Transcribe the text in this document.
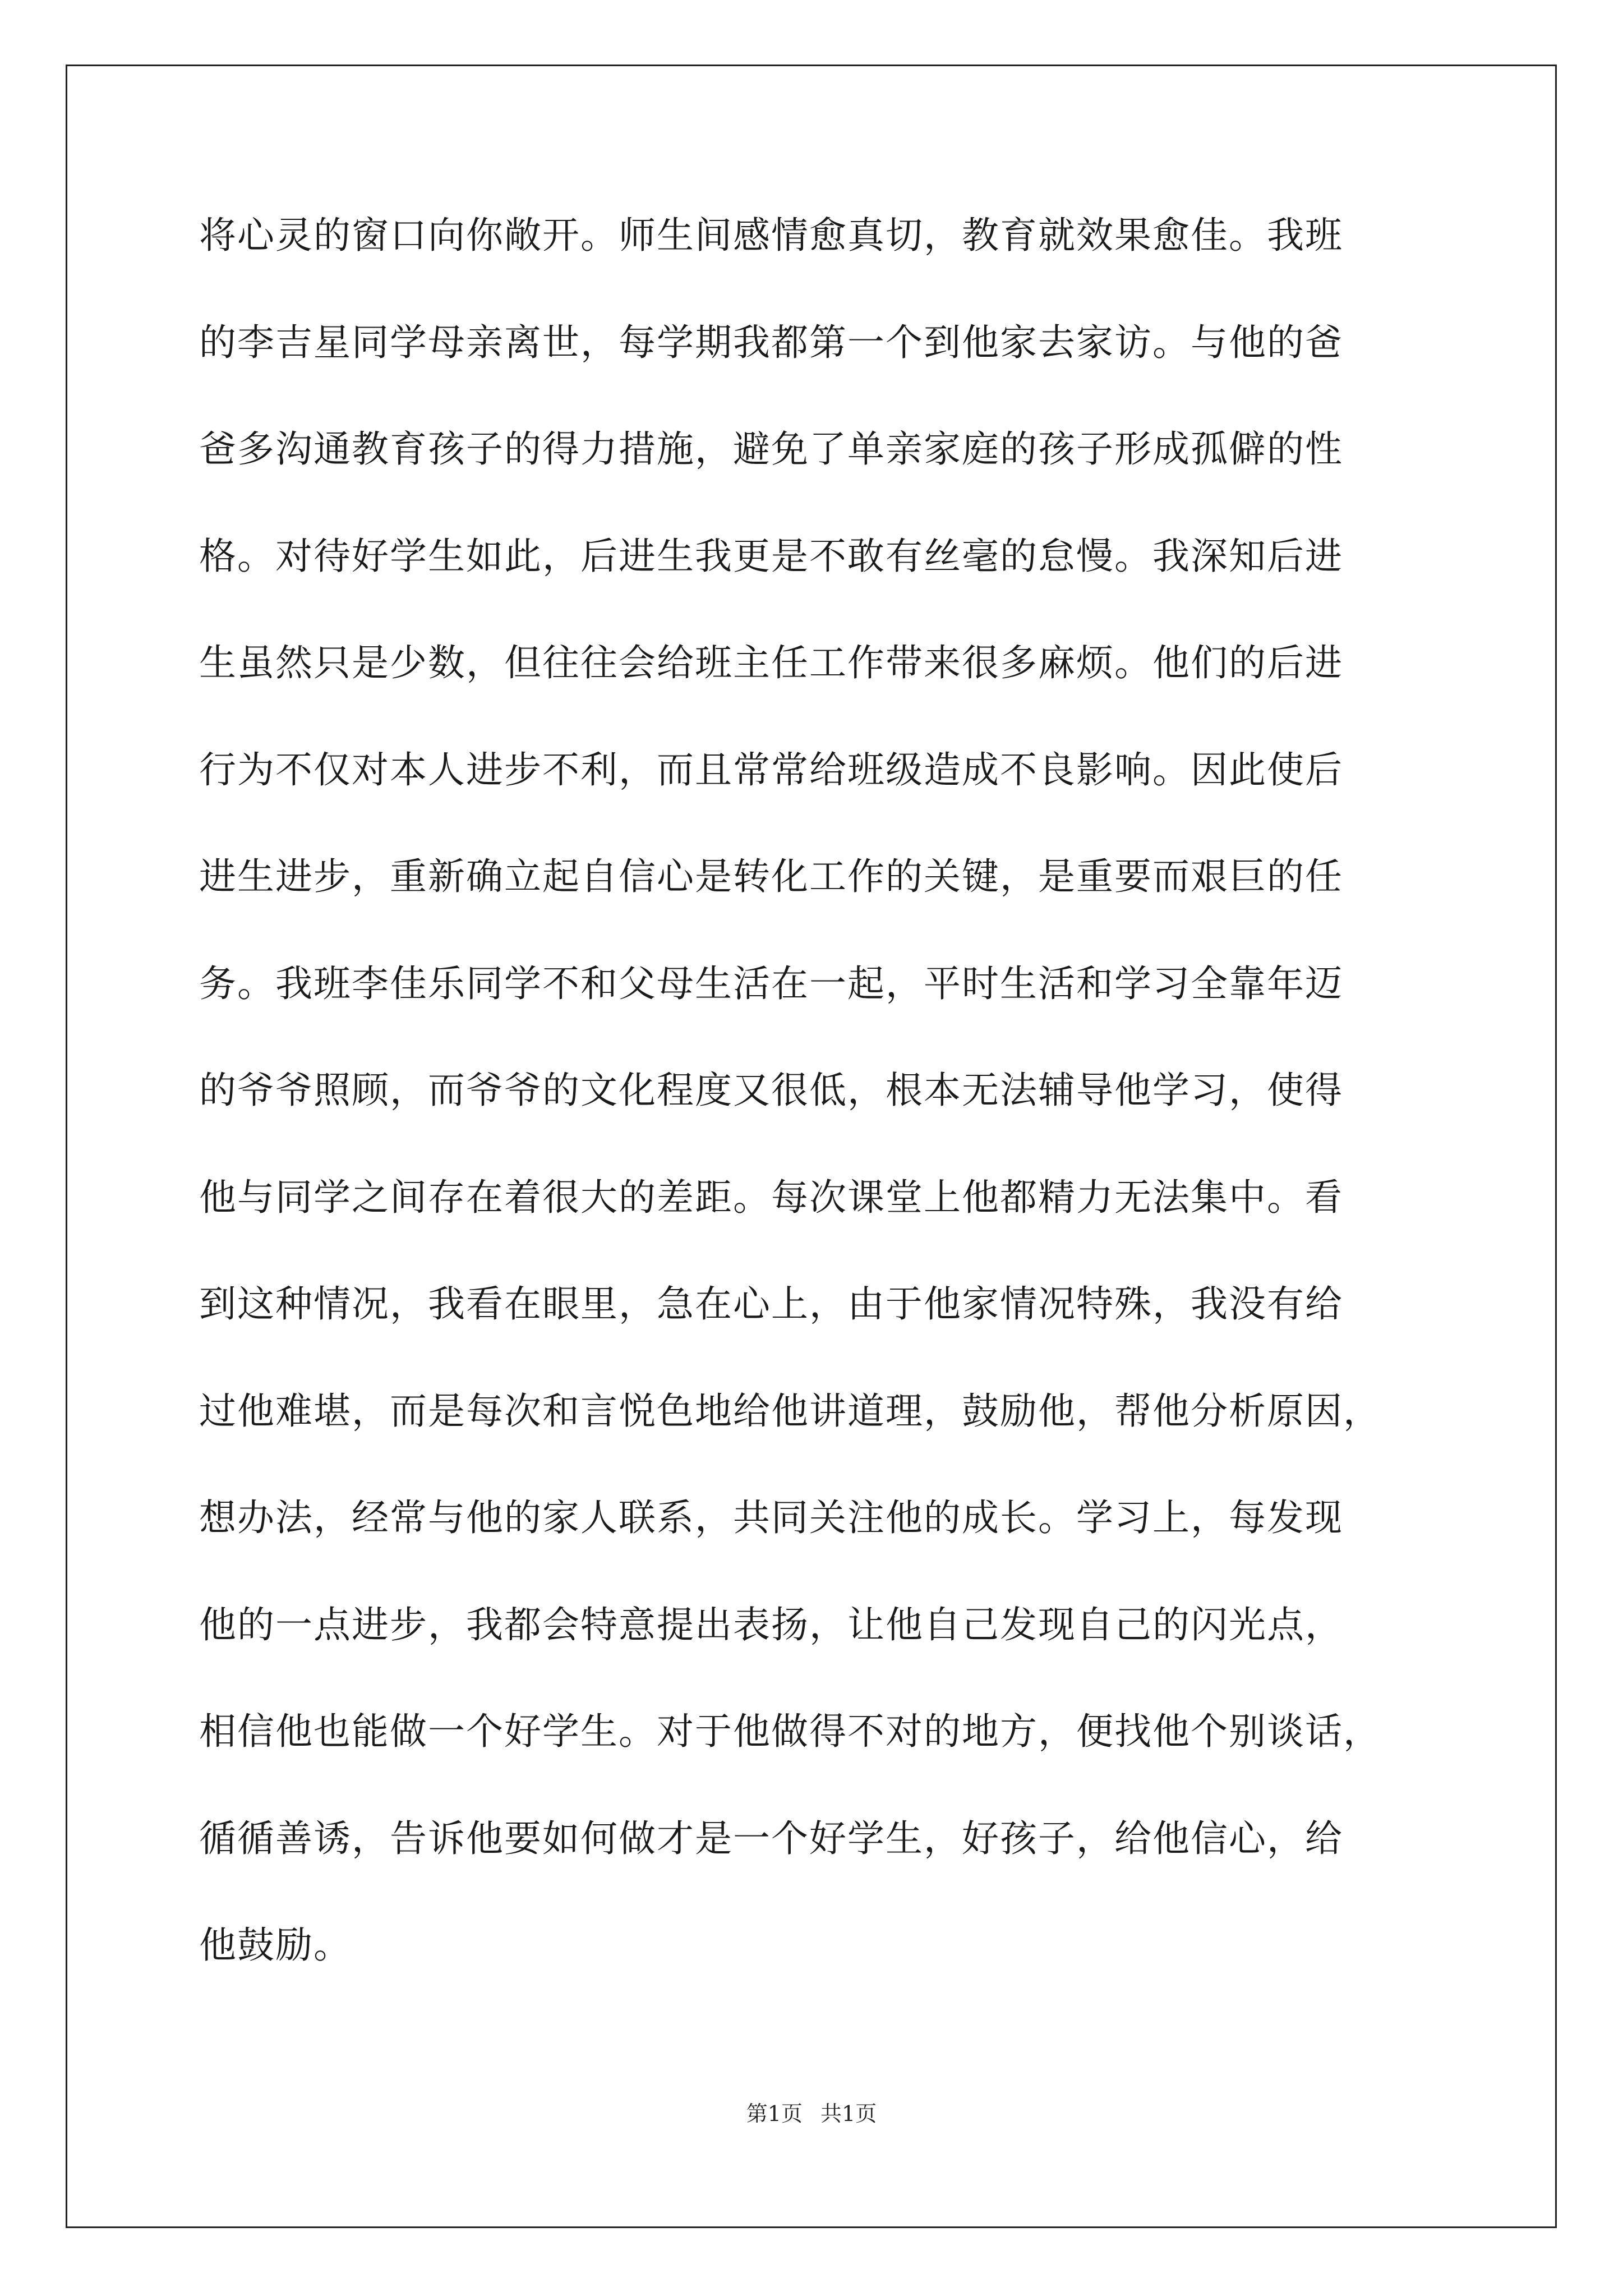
将心灵的窗口向你敞开。师生间感情愈真切，教育就效果愈佳。我班
的李吉星同学母亲离世，每学期我都第一个到他家去家访。与他的爸
爸多沟通教育孩子的得力措施，避免了单亲家庭的孩子形成孤僻的性
格。对待好学生如此，后进生我更是不敢有丝毫的怠慢。我深知后进
生虽然只是少数，但往往会给班主任工作带来很多麻烦。他们的后进
行为不仅对本人进步不利，而且常常给班级造成不良影响。因此使后
进生进步，重新确立起自信心是转化工作的关键，是重要而艰巨的任
务。我班李佳乐同学不和父母生活在一起，平时生活和学习全靠年迈
的爷爷照顾，而爷爷的文化程度又很低，根本无法辅导他学习，使得
他与同学之间存在着很大的差距。每次课堂上他都精力无法集中。看
到这种情况，我看在眼里，急在心上，由于他家情况特殊，我没有给
过他难堪，而是每次和言悦色地给他讲道理，鼓励他，帮他分析原因，
想办法，经常与他的家人联系，共同关注他的成长。学习上，每发现
他的一点进步，我都会特意提出表扬，让他自己发现自己的闪光点，
相信他也能做一个好学生。对于他做得不对的地方，便找他个别谈话，
循循善诱，告诉他要如何做才是一个好学生，好孩子，给他信心，给
他鼓励。
第1页 共1页
